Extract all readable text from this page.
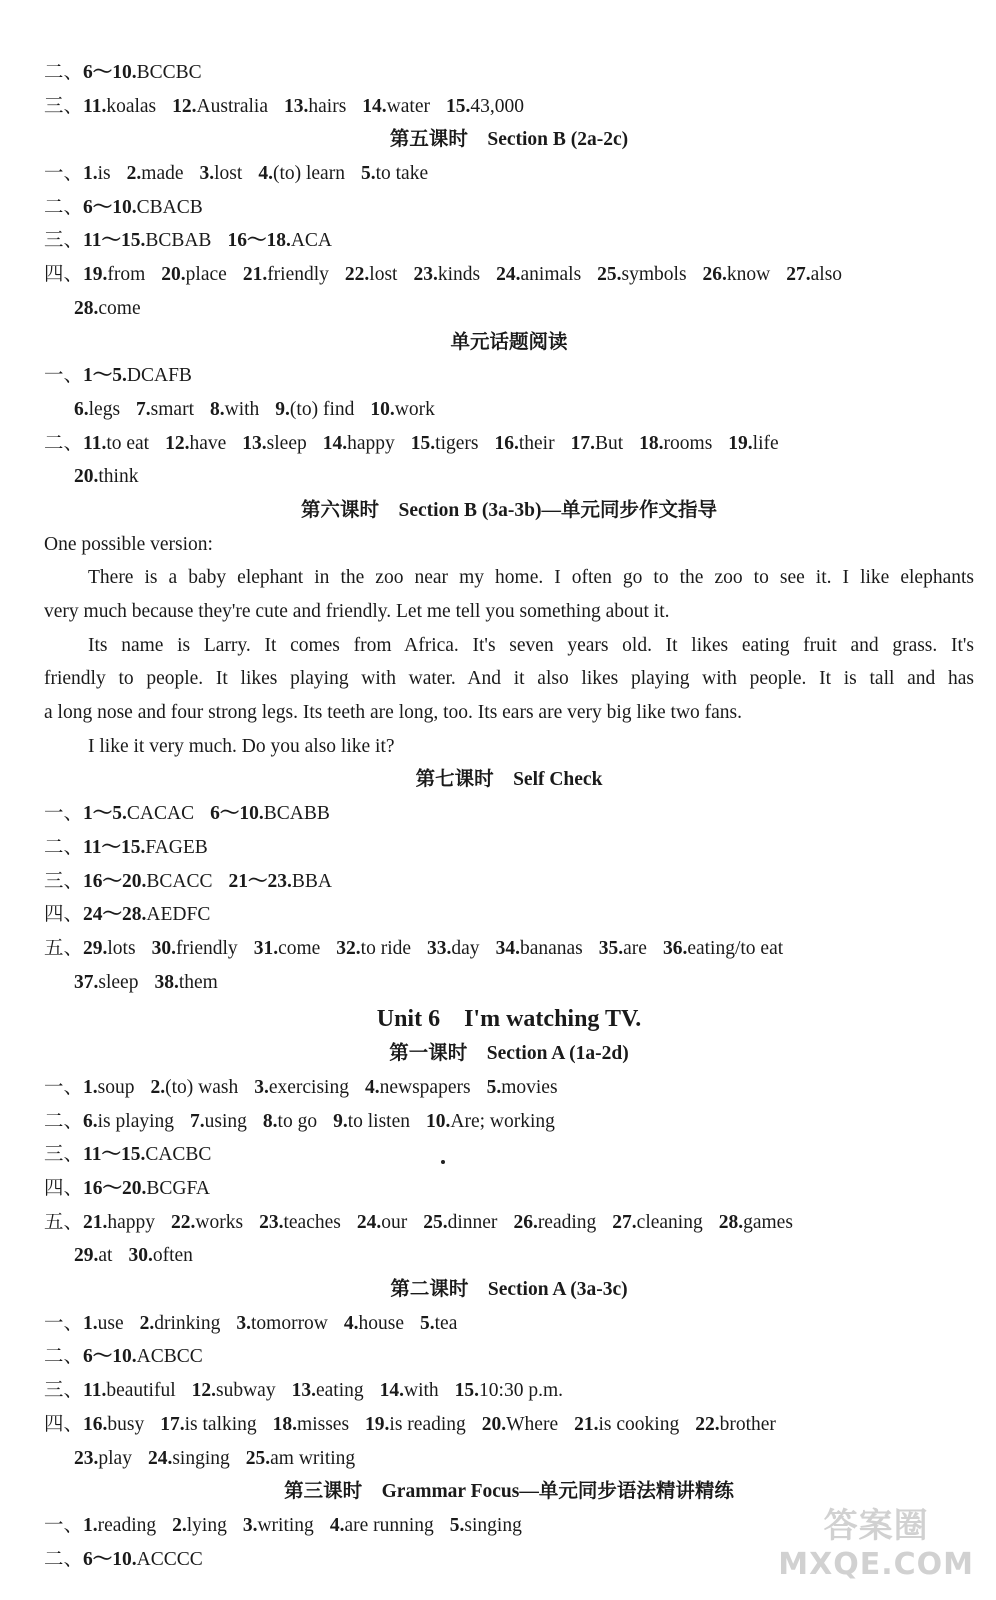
二、6～10.BCCBC
三、11.koalas 12.Australia 13.hairs 14.water 15.43,000
第五课时　Section B (2a-2c)
一、1.is 2.made 3.lost 4.(to) learn 5.to take
二、6～10.CBACB
三、11～15.BCBAB 16～18.ACA
四、19.from 20.place 21.friendly 22.lost 23.kinds 24.animals 25.symbols 26.know 27.also
28.come
单元话题阅读
一、1～5.DCAFB
6.legs 7.smart 8.with 9.(to) find 10.work
二、11.to eat 12.have 13.sleep 14.happy 15.tigers 16.their 17.But 18.rooms 19.life
20.think
第六课时　Section B (3a-3b)—单元同步作文指导
One possible version:
There is a baby elephant in the zoo near my home. I often go to the zoo to see it. I like elephants
very much because they're cute and friendly. Let me tell you something about it.
Its name is Larry. It comes from Africa. It's seven years old. It likes eating fruit and grass. It's
friendly to people. It likes playing with water. And it also likes playing with people. It is tall and has
a long nose and four strong legs. Its teeth are long, too. Its ears are very big like two fans.
I like it very much. Do you also like it?
第七课时　Self Check
一、1～5.CACAC 6～10.BCABB
二、11～15.FAGEB
三、16～20.BCACC 21～23.BBA
四、24～28.AEDFC
五、29.lots 30.friendly 31.come 32.to ride 33.day 34.bananas 35.are 36.eating/to eat
37.sleep 38.them
Unit 6　I'm watching TV.
第一课时　Section A (1a-2d)
一、1.soup 2.(to) wash 3.exercising 4.newspapers 5.movies
二、6.is playing 7.using 8.to go 9.to listen 10.Are; working
三、11～15.CACBC
四、16～20.BCGFA
五、21.happy 22.works 23.teaches 24.our 25.dinner 26.reading 27.cleaning 28.games
29.at 30.often
第二课时　Section A (3a-3c)
一、1.use 2.drinking 3.tomorrow 4.house 5.tea
二、6～10.ACBCC
三、11.beautiful 12.subway 13.eating 14.with 15.10:30 p.m.
四、16.busy 17.is talking 18.misses 19.is reading 20.Where 21.is cooking 22.brother
23.play 24.singing 25.am writing
第三课时　Grammar Focus—单元同步语法精讲精练
一、1.reading 2.lying 3.writing 4.are running 5.singing
二、6～10.ACCCC
答案圈
MXQE.COM
